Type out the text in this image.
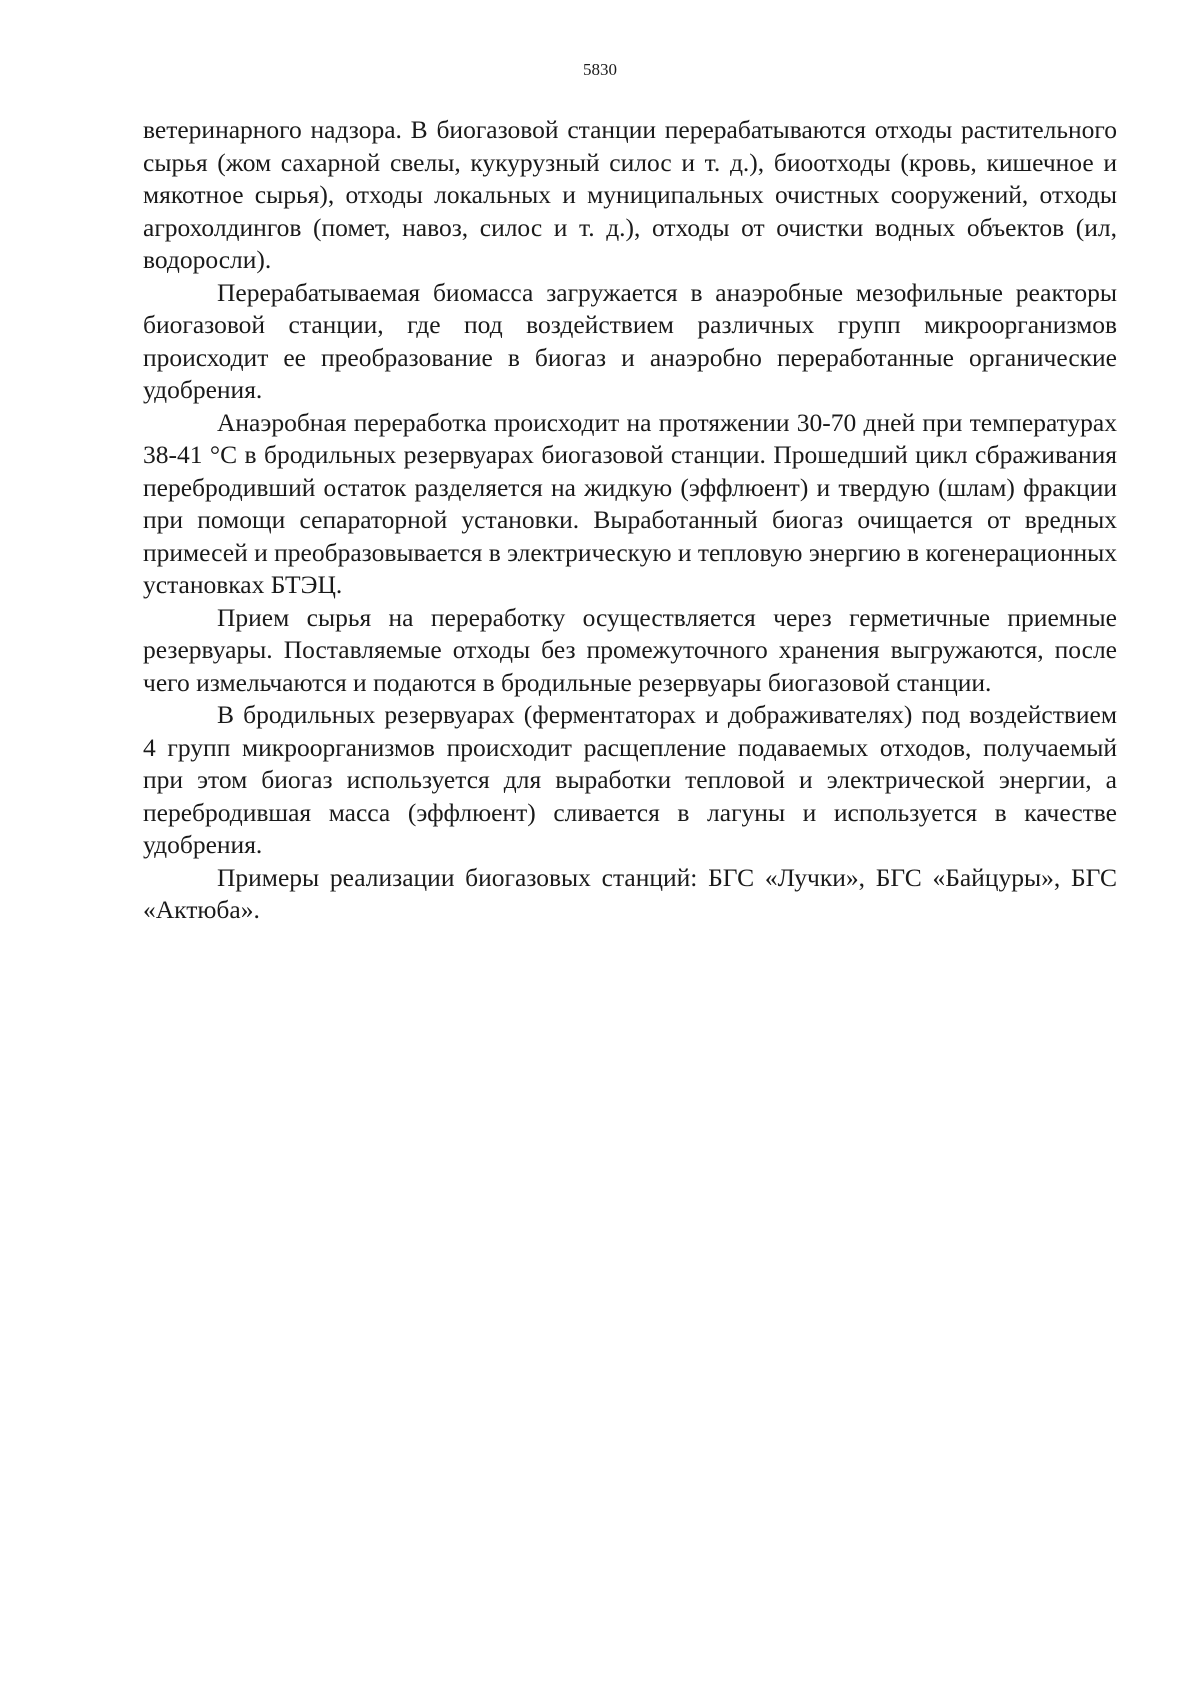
5830

ветеринарного надзора. В биогазовой станции перерабатываются отходы растительного сырья (жом сахарной свелы, кукурузный силос и т. д.), биоотходы (кровь, кишечное и мякотное сырья), отходы локальных и муниципальных очистных сооружений, отходы агрохолдингов (помет, навоз, силос и т. д.), отходы от очистки водных объектов (ил, водоросли).

Перерабатываемая биомасса загружается в анаэробные мезофильные реакторы биогазовой станции, где под воздействием различных групп микроорганизмов происходит ее преобразование в биогаз и анаэробно переработанные органические удобрения.

Анаэробная переработка происходит на протяжении 30-70 дней при температурах 38-41 °С в бродильных резервуарах биогазовой станции. Прошедший цикл сбраживания перебродивший остаток разделяется на жидкую (эффлюент) и твердую (шлам) фракции при помощи сепараторной установки. Выработанный биогаз очищается от вредных примесей и преобразовывается в электрическую и тепловую энергию в когенерационных установках БТЭЦ.

Прием сырья на переработку осуществляется через герметичные приемные резервуары. Поставляемые отходы без промежуточного хранения выгружаются, после чего измельчаются и подаются в бродильные резервуары биогазовой станции.

В бродильных резервуарах (ферментаторах и дображивателях) под воздействием 4 групп микроорганизмов происходит расщепление подаваемых отходов, получаемый при этом биогаз используется для выработки тепловой и электрической энергии, а перебродившая масса (эффлюент) сливается в лагуны и используется в качестве удобрения.

Примеры реализации биогазовых станций: БГС «Лучки», БГС «Байцуры», БГС «Актюба».
